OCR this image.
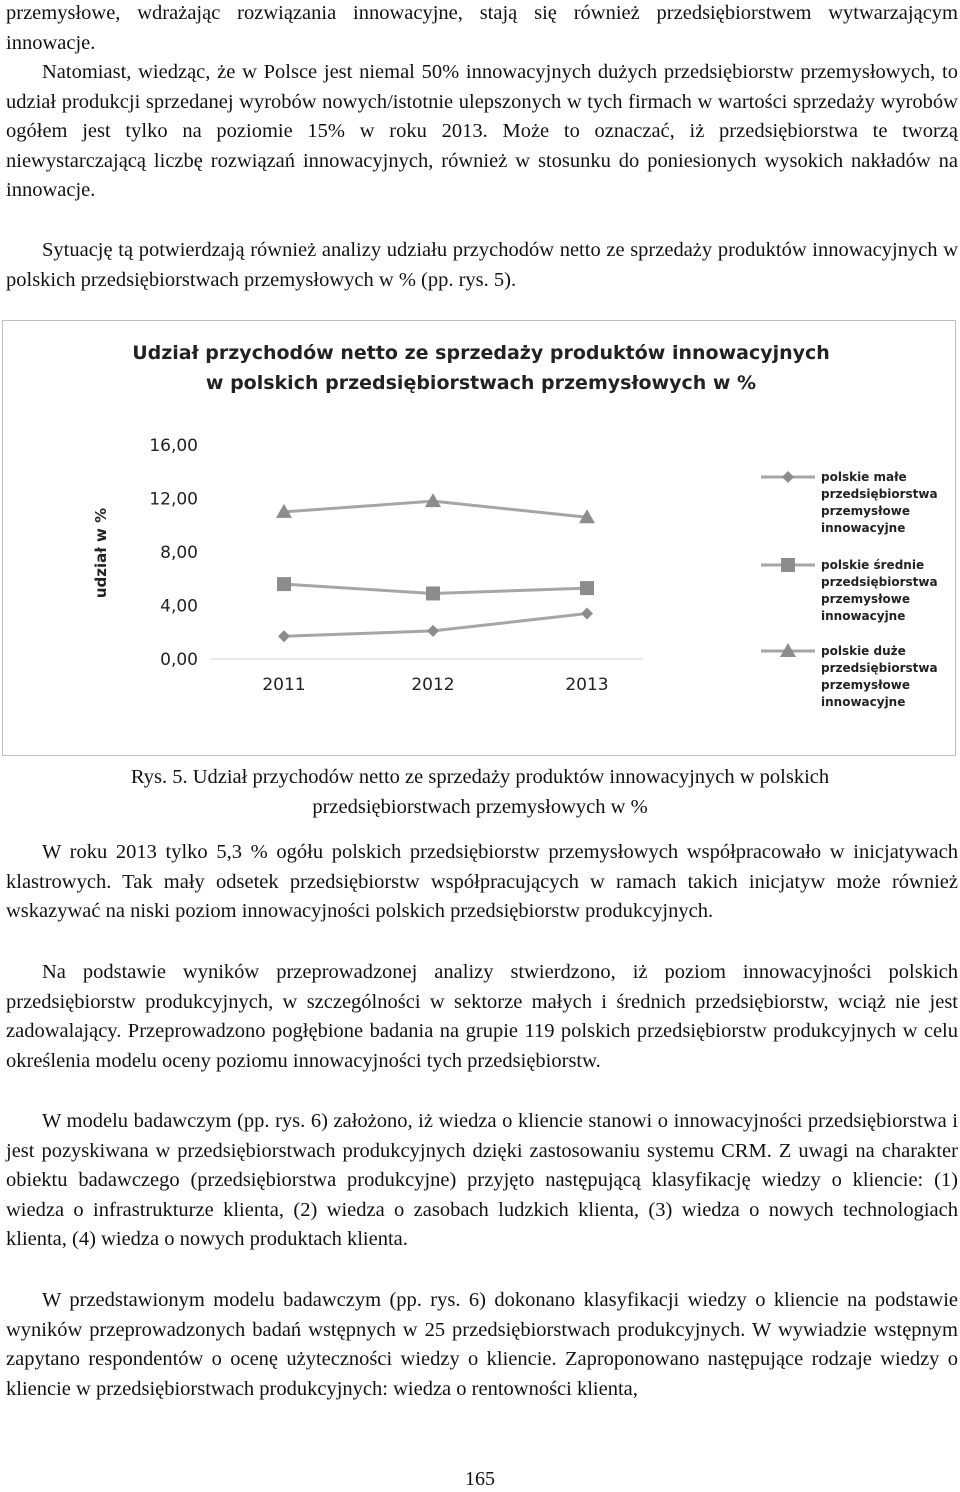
przemysłowe, wdrażając rozwiązania innowacyjne, stają się również przedsiębiorstwem wytwarzającym innowacje.
Natomiast, wiedząc, że w Polsce jest niemal 50% innowacyjnych dużych przedsiębiorstw przemysłowych, to udział produkcji sprzedanej wyrobów nowych/istotnie ulepszonych w tych firmach w wartości sprzedaży wyrobów ogółem jest tylko na poziomie 15% w roku 2013. Może to oznaczać, iż przedsiębiorstwa te tworzą niewystarczającą liczbę rozwiązań innowacyjnych, również w stosunku do poniesionych wysokich nakładów na innowacje.
Sytuację tą potwierdzają również analizy udziału przychodów netto ze sprzedaży produktów innowacyjnych w polskich przedsiębiorstwach przemysłowych w % (pp. rys. 5).
Udział przychodów netto ze sprzedaży produktów innowacyjnych
w polskich przedsiębiorstwach przemysłowych w %
0,00
4,00
8,00
12,00
16,00
udział w %
2011	2012	2013
polskie małe
przedsiębiorstwa
przemysłowe
innowacyjne
polskie średnie
przedsiębiorstwa
przemysłowe
innowacyjne
polskie duże
przedsiębiorstwa
przemysłowe
innowacyjne
Rys. 5. Udział przychodów netto ze sprzedaży produktów innowacyjnych w polskich
przedsiębiorstwach przemysłowych w %
W roku 2013 tylko 5,3 % ogółu polskich przedsiębiorstw przemysłowych współpracowało w inicjatywach klastrowych. Tak mały odsetek przedsiębiorstw współpracujących w ramach takich inicjatyw może również wskazywać na niski poziom innowacyjności polskich przedsiębiorstw produkcyjnych.
Na podstawie wyników przeprowadzonej analizy stwierdzono, iż poziom innowacyjności polskich przedsiębiorstw produkcyjnych, w szczególności w sektorze małych i średnich przedsiębiorstw, wciąż nie jest zadowalający. Przeprowadzono pogłębione badania na grupie 119 polskich przedsiębiorstw produkcyjnych w celu określenia modelu oceny poziomu innowacyjności tych przedsiębiorstw.
W modelu badawczym (pp. rys. 6) założono, iż wiedza o kliencie stanowi o innowacyjności przedsiębiorstwa i jest pozyskiwana w przedsiębiorstwach produkcyjnych dzięki zastosowaniu systemu CRM. Z uwagi na charakter obiektu badawczego (przedsiębiorstwa produkcyjne) przyjęto następującą klasyfikację wiedzy o kliencie: (1) wiedza o infrastrukturze klienta, (2) wiedza o zasobach ludzkich klienta, (3) wiedza o nowych technologiach klienta, (4) wiedza o nowych produktach klienta.
W przedstawionym modelu badawczym (pp. rys. 6) dokonano klasyfikacji wiedzy o kliencie na podstawie wyników przeprowadzonych badań wstępnych w 25 przedsiębiorstwach produkcyjnych. W wywiadzie wstępnym zapytano respondentów o ocenę użyteczności wiedzy o kliencie. Zaproponowano następujące rodzaje wiedzy o kliencie w przedsiębiorstwach produkcyjnych: wiedza o rentowności klienta,
165
